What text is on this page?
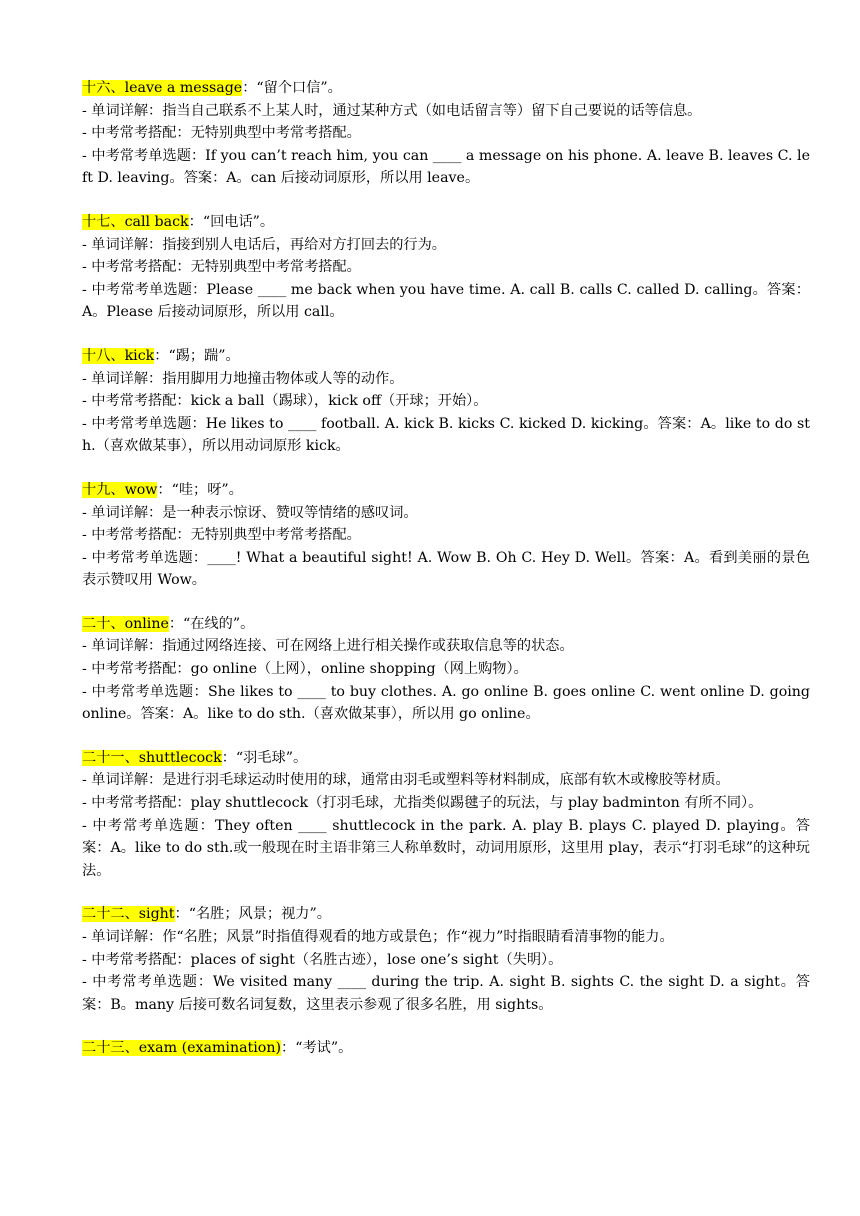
十六、leave a message：“留个口信”。
- 单词详解：指当自己联系不上某人时，通过某种方式（如电话留言等）留下自己要说的话等信息。
- 中考常考搭配：无特别典型中考常考搭配。
- 中考常考单选题：If you can’t reach him, you can ____ a message on his phone. A. leave B. leaves C. left D. leaving。答案：A。can 后接动词原形，所以用 leave。
十七、call back：“回电话”。
- 单词详解：指接到别人电话后，再给对方打回去的行为。
- 中考常考搭配：无特别典型中考常考搭配。
- 中考常考单选题：Please ____ me back when you have time. A. call B. calls C. called D. calling。答案：A。Please 后接动词原形，所以用 call。
十八、kick：“踢；踹”。
- 单词详解：指用脚用力地撞击物体或人等的动作。
- 中考常考搭配：kick a ball（踢球），kick off（开球；开始）。
- 中考常考单选题：He likes to ____ football. A. kick B. kicks C. kicked D. kicking。答案：A。like to do sth.（喜欢做某事），所以用动词原形 kick。
十九、wow：“哇；呀”。
- 单词详解：是一种表示惊讶、赞叹等情绪的感叹词。
- 中考常考搭配：无特别典型中考常考搭配。
- 中考常考单选题：____! What a beautiful sight! A. Wow B. Oh C. Hey D. Well。答案：A。看到美丽的景色表示赞叹用 Wow。
二十、online：“在线的”。
- 单词详解：指通过网络连接、可在网络上进行相关操作或获取信息等的状态。
- 中考常考搭配：go online（上网），online shopping（网上购物）。
- 中考常考单选题：She likes to ____ to buy clothes. A. go online B. goes online C. went online D. going online。答案：A。like to do sth.（喜欢做某事），所以用 go online。
二十一、shuttlecock：“羽毛球”。
- 单词详解：是进行羽毛球运动时使用的球，通常由羽毛或塑料等材料制成，底部有软木或橡胶等材质。
- 中考常考搭配：play shuttlecock（打羽毛球，尤指类似踢毽子的玩法，与 play badminton 有所不同）。
- 中考常考单选题：They often ____ shuttlecock in the park. A. play B. plays C. played D. playing。答案：A。like to do sth.或一般现在时主语非第三人称单数时，动词用原形，这里用 play，表示“打羽毛球”的这种玩法。
二十二、sight：“名胜；风景；视力”。
- 单词详解：作“名胜；风景”时指值得观看的地方或景色；作“视力”时指眼睛看清事物的能力。
- 中考常考搭配：places of sight（名胜古迹），lose one’s sight（失明）。
- 中考常考单选题：We visited many ____ during the trip. A. sight B. sights C. the sight D. a sight。答案：B。many 后接可数名词复数，这里表示参观了很多名胜，用 sights。
二十三、exam (examination)：“考试”。
